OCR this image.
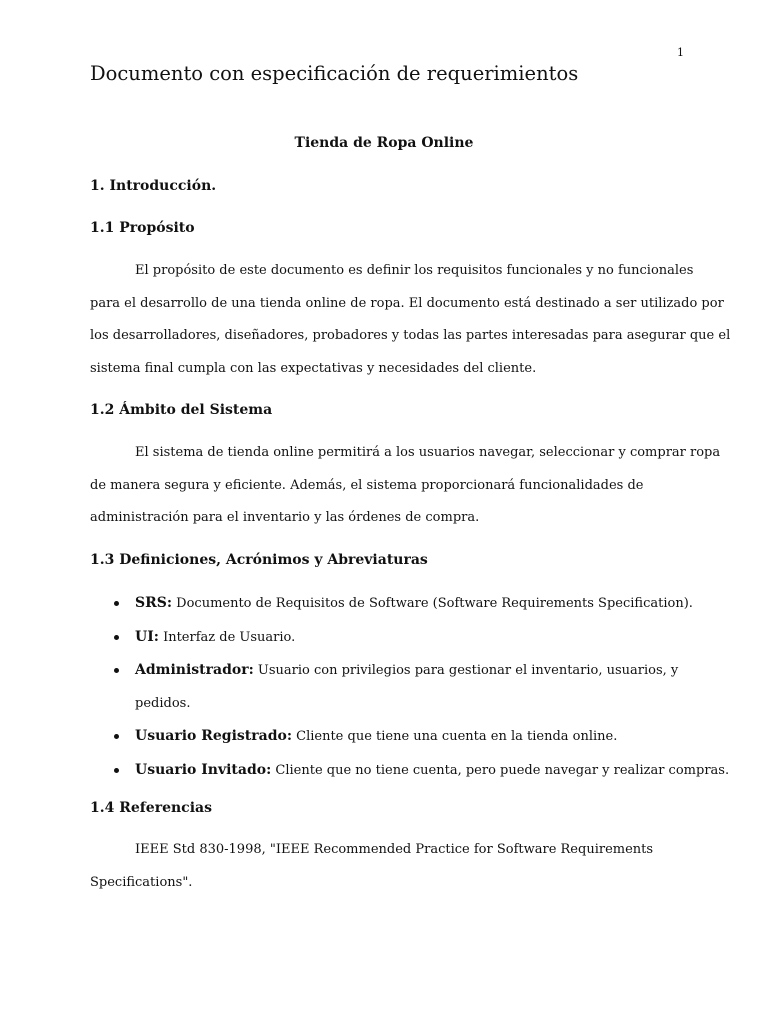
1
Documento con especificación de requerimientos
Tienda de Ropa Online
1. Introducción.
1.1 Propósito
El propósito de este documento es definir los requisitos funcionales y no funcionales
para el desarrollo de una tienda online de ropa. El documento está destinado a ser utilizado por
los desarrolladores, diseñadores, probadores y todas las partes interesadas para asegurar que el
sistema final cumpla con las expectativas y necesidades del cliente.
1.2 Ámbito del Sistema
El sistema de tienda online permitirá a los usuarios navegar, seleccionar y comprar ropa
de manera segura y eficiente. Además, el sistema proporcionará funcionalidades de
administración para el inventario y las órdenes de compra.
1.3 Definiciones, Acrónimos y Abreviaturas
SRS: Documento de Requisitos de Software (Software Requirements Specification).
UI: Interfaz de Usuario.
Administrador: Usuario con privilegios para gestionar el inventario, usuarios, y
pedidos.
Usuario Registrado: Cliente que tiene una cuenta en la tienda online.
Usuario Invitado: Cliente que no tiene cuenta, pero puede navegar y realizar compras.
1.4 Referencias
IEEE Std 830-1998, "IEEE Recommended Practice for Software Requirements
Specifications".
